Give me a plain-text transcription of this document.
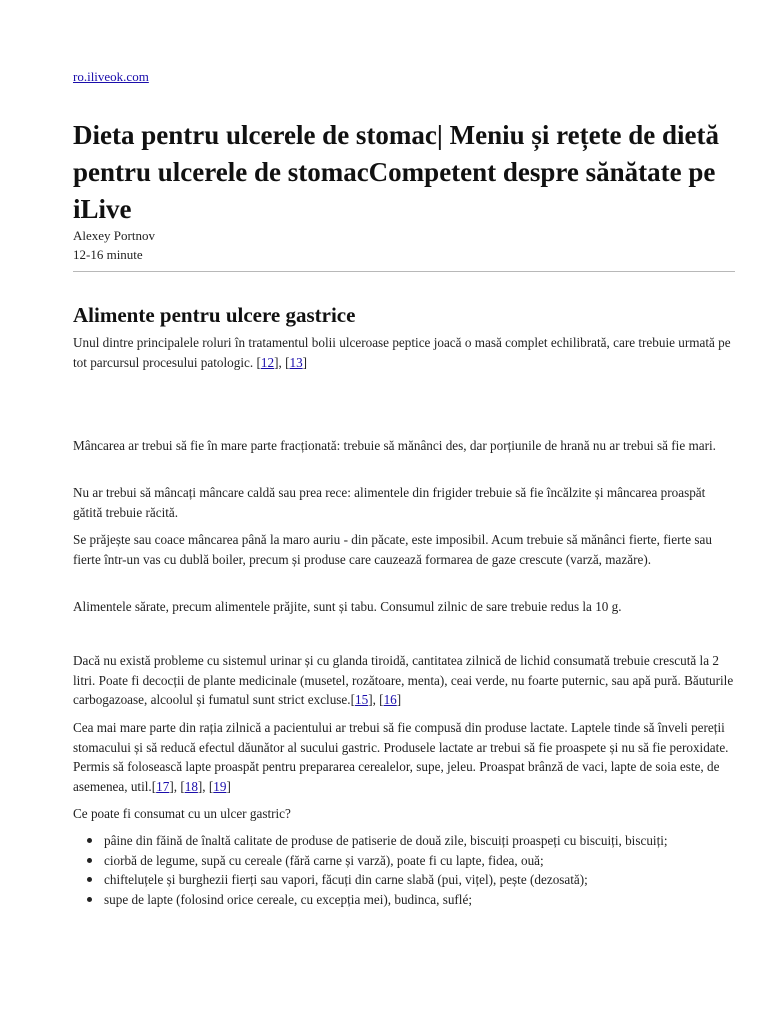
ro.iliveok.com
Dieta pentru ulcerele de stomac| Meniu și rețete de dietă pentru ulcerele de stomacCompetent despre sănătate pe iLive
Alexey Portnov
12-16 minute
Alimente pentru ulcere gastrice

Unul dintre principalele roluri în tratamentul bolii ulceroase peptice joacă o masă complet echilibrată, care trebuie urmată pe tot parcursul procesului patologic. [12], [13]

Mâncarea ar trebui să fie în mare parte fracționată: trebuie să mănânci des, dar porțiunile de hrană nu ar trebui să fie mari.

Nu ar trebui să mâncați mâncare caldă sau prea rece: alimentele din frigider trebuie să fie încălzite și mâncarea proaspăt gătită trebuie răcită.

Se prăjește sau coace mâncarea până la maro auriu - din păcate, este imposibil. Acum trebuie să mănânci fierte, fierte sau fierte într-un vas cu dublă boiler, precum și produse care cauzează formarea de gaze crescute (varză, mazăre).

Alimentele sărate, precum alimentele prăjite, sunt și tabu. Consumul zilnic de sare trebuie redus la 10 g.

Dacă nu există probleme cu sistemul urinar și cu glanda tiroidă, cantitatea zilnică de lichid consumată trebuie crescută la 2 litri. Poate fi decocții de plante medicinale (musetel, rozătoare, menta), ceai verde, nu foarte puternic, sau apă pură. Băuturile carbogazoase, alcoolul și fumatul sunt strict excluse.[15], [16]

Cea mai mare parte din rația zilnică a pacientului ar trebui să fie compusă din produse lactate. Laptele tinde să înveli pereții stomacului și să reducă efectul dăunător al sucului gastric. Produsele lactate ar trebui să fie proaspete și nu să fie peroxidate. Permis să folosească lapte proaspăt pentru prepararea cerealelor, supe, jeleu. Proaspat brânză de vaci, lapte de soia este, de asemenea, util.[17], [18], [19]

Ce poate fi consumat cu un ulcer gastric?

pâine din făină de înaltă calitate de produse de patiserie de două zile, biscuiți proaspeți cu biscuiți, biscuiți;
ciorbă de legume, supă cu cereale (fără carne și varză), poate fi cu lapte, fidea, ouă;
chifteluțele și burghezii fierți sau vapori, făcuți din carne slabă (pui, vițel), pește (dezosată);
supe de lapte (folosind orice cereale, cu excepția mei), budinca, suflé;
